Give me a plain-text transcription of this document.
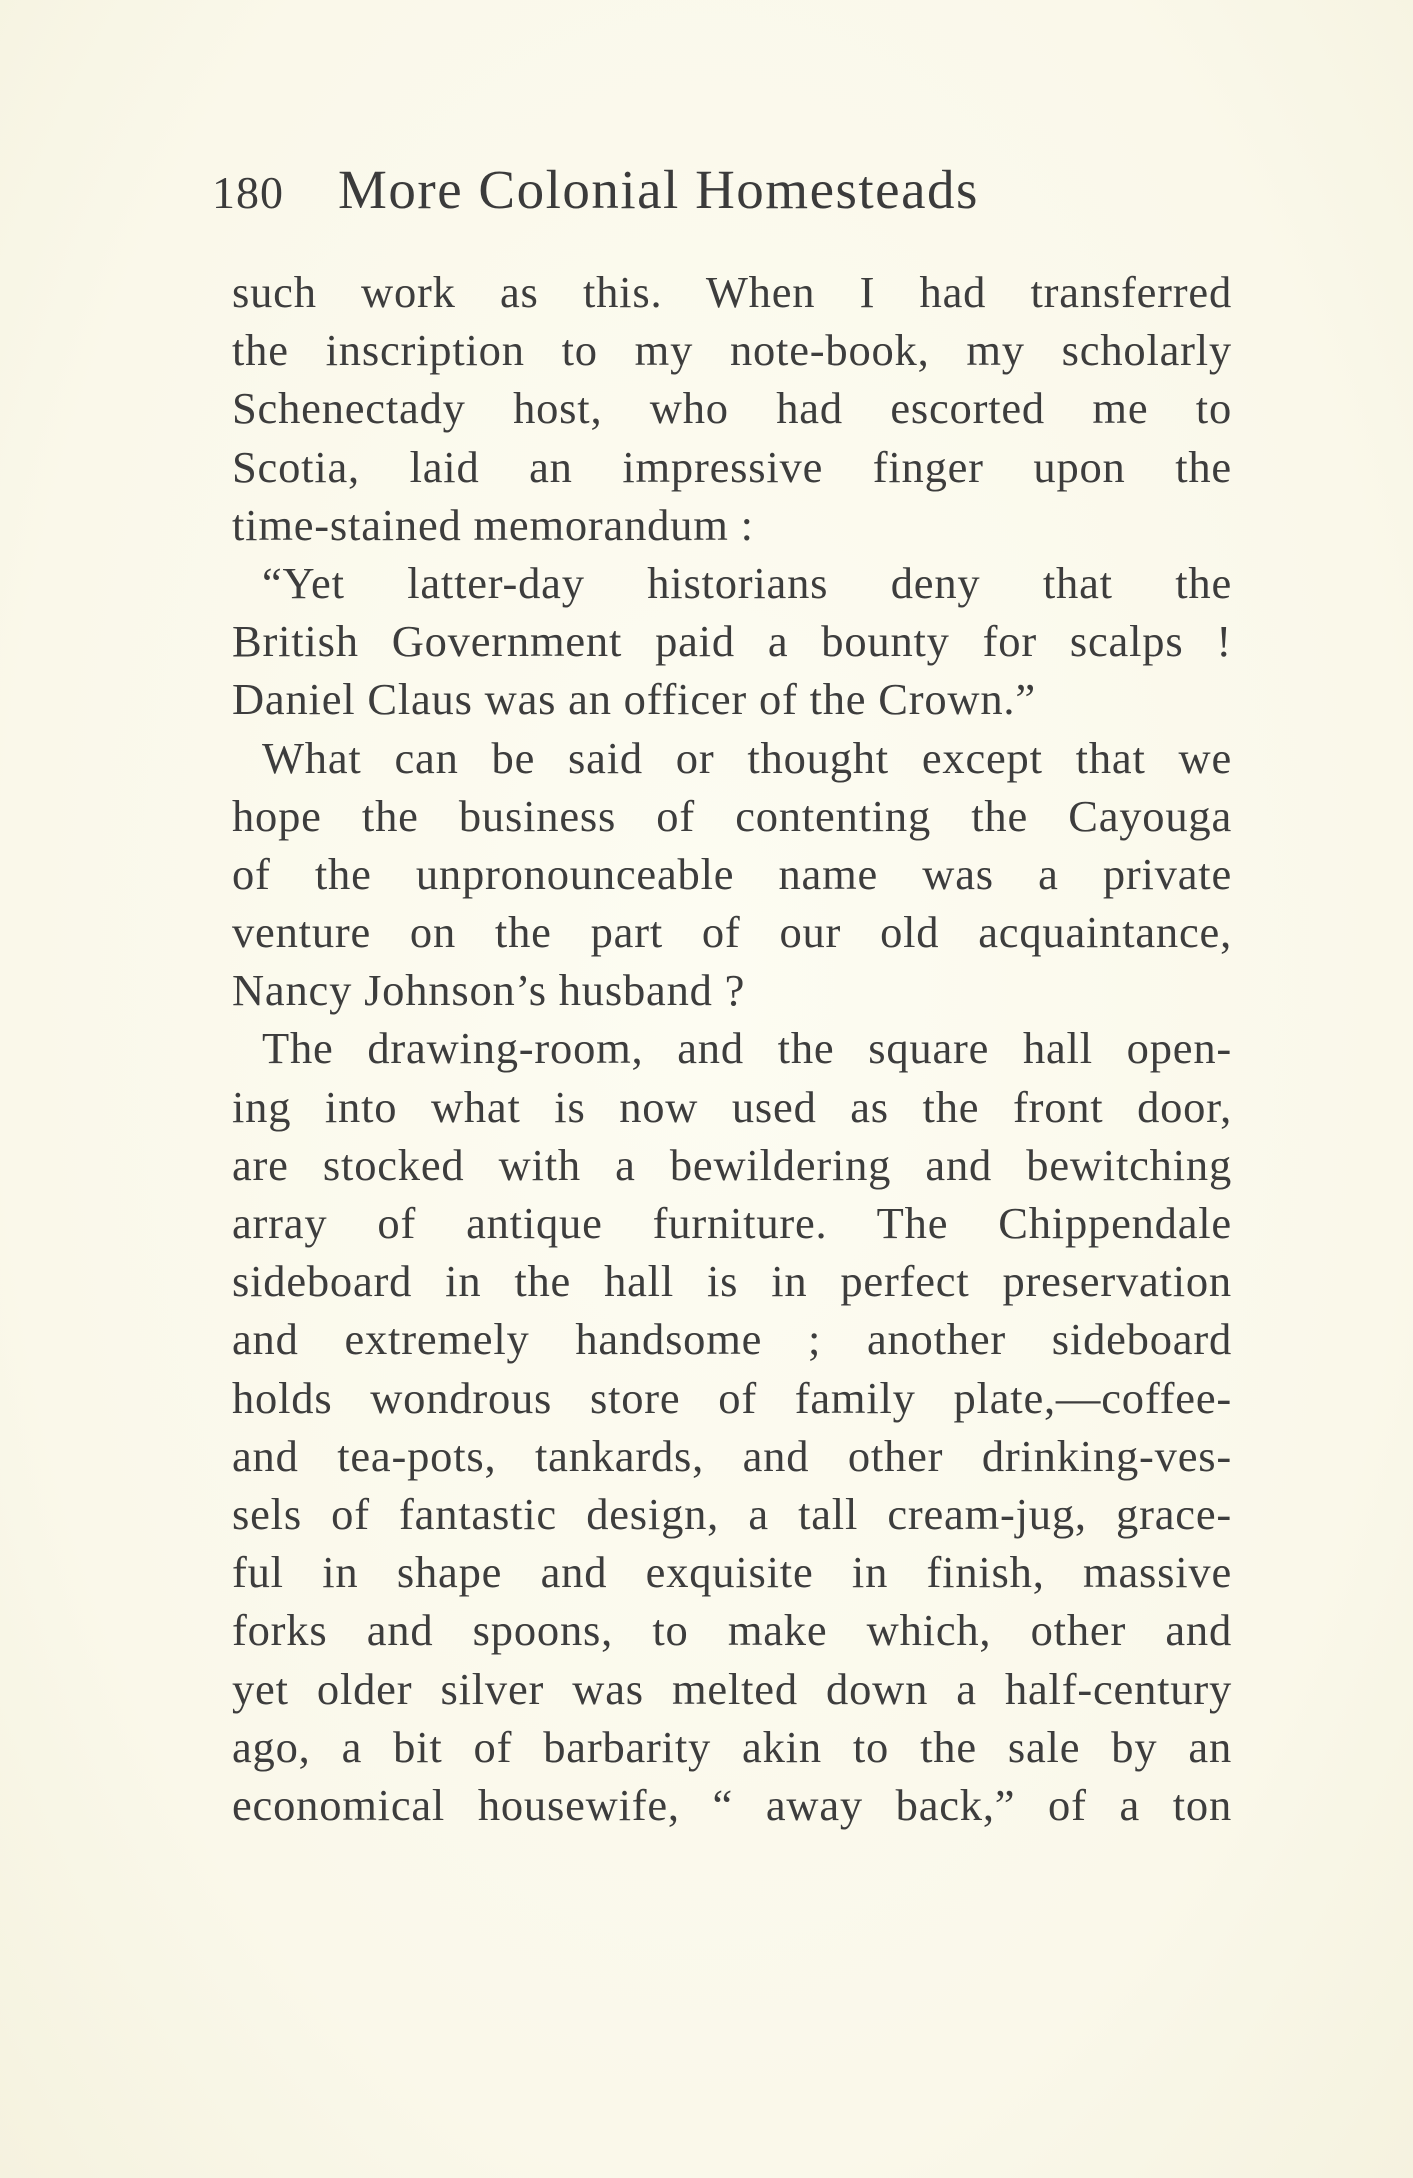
180 More Colonial Homesteads
such work as this. When I had transferred
the inscription to my note-book, my scholarly
Schenectady host, who had escorted me to
Scotia, laid an impressive finger upon the
time-stained memorandum :
“Yet latter-day historians deny that the
British Government paid a bounty for scalps !
Daniel Claus was an officer of the Crown.”
What can be said or thought except that we
hope the business of contenting the Cayouga
of the unpronounceable name was a private
venture on the part of our old acquaintance,
Nancy Johnson’s husband ?
The drawing-room, and the square hall open-
ing into what is now used as the front door,
are stocked with a bewildering and bewitching
array of antique furniture. The Chippendale
sideboard in the hall is in perfect preservation
and extremely handsome ; another sideboard
holds wondrous store of family plate,—coffee-
and tea-pots, tankards, and other drinking-ves-
sels of fantastic design, a tall cream-jug, grace-
ful in shape and exquisite in finish, massive
forks and spoons, to make which, other and
yet older silver was melted down a half-century
ago, a bit of barbarity akin to the sale by an
economical housewife, “ away back,” of a ton
